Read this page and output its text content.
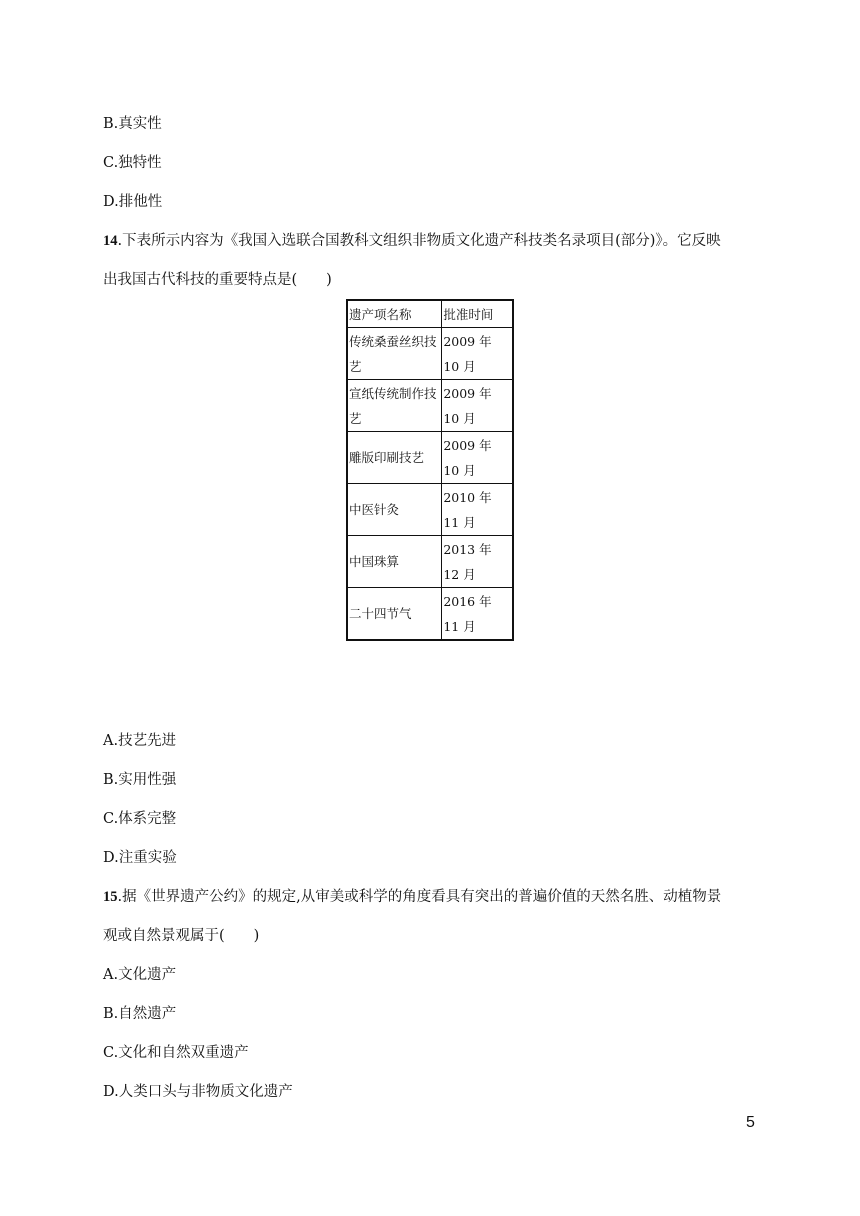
B.真实性
C.独特性
D.排他性
14.下表所示内容为《我国入选联合国教科文组织非物质文化遗产科技类名录项目(部分)》。它反映
出我国古代科技的重要特点是(　　)
遗产项名称	批准时间
传统桑蚕丝织技艺	2009 年 10 月
宣纸传统制作技艺	2009 年 10 月
雕版印刷技艺	2009 年 10 月
中医针灸	2010 年 11 月
中国珠算	2013 年 12 月
二十四节气	2016 年 11 月
A.技艺先进
B.实用性强
C.体系完整
D.注重实验
15.据《世界遗产公约》的规定,从审美或科学的角度看具有突出的普遍价值的天然名胜、动植物景
观或自然景观属于(　　)
A.文化遗产
B.自然遗产
C.文化和自然双重遗产
D.人类口头与非物质文化遗产
5
